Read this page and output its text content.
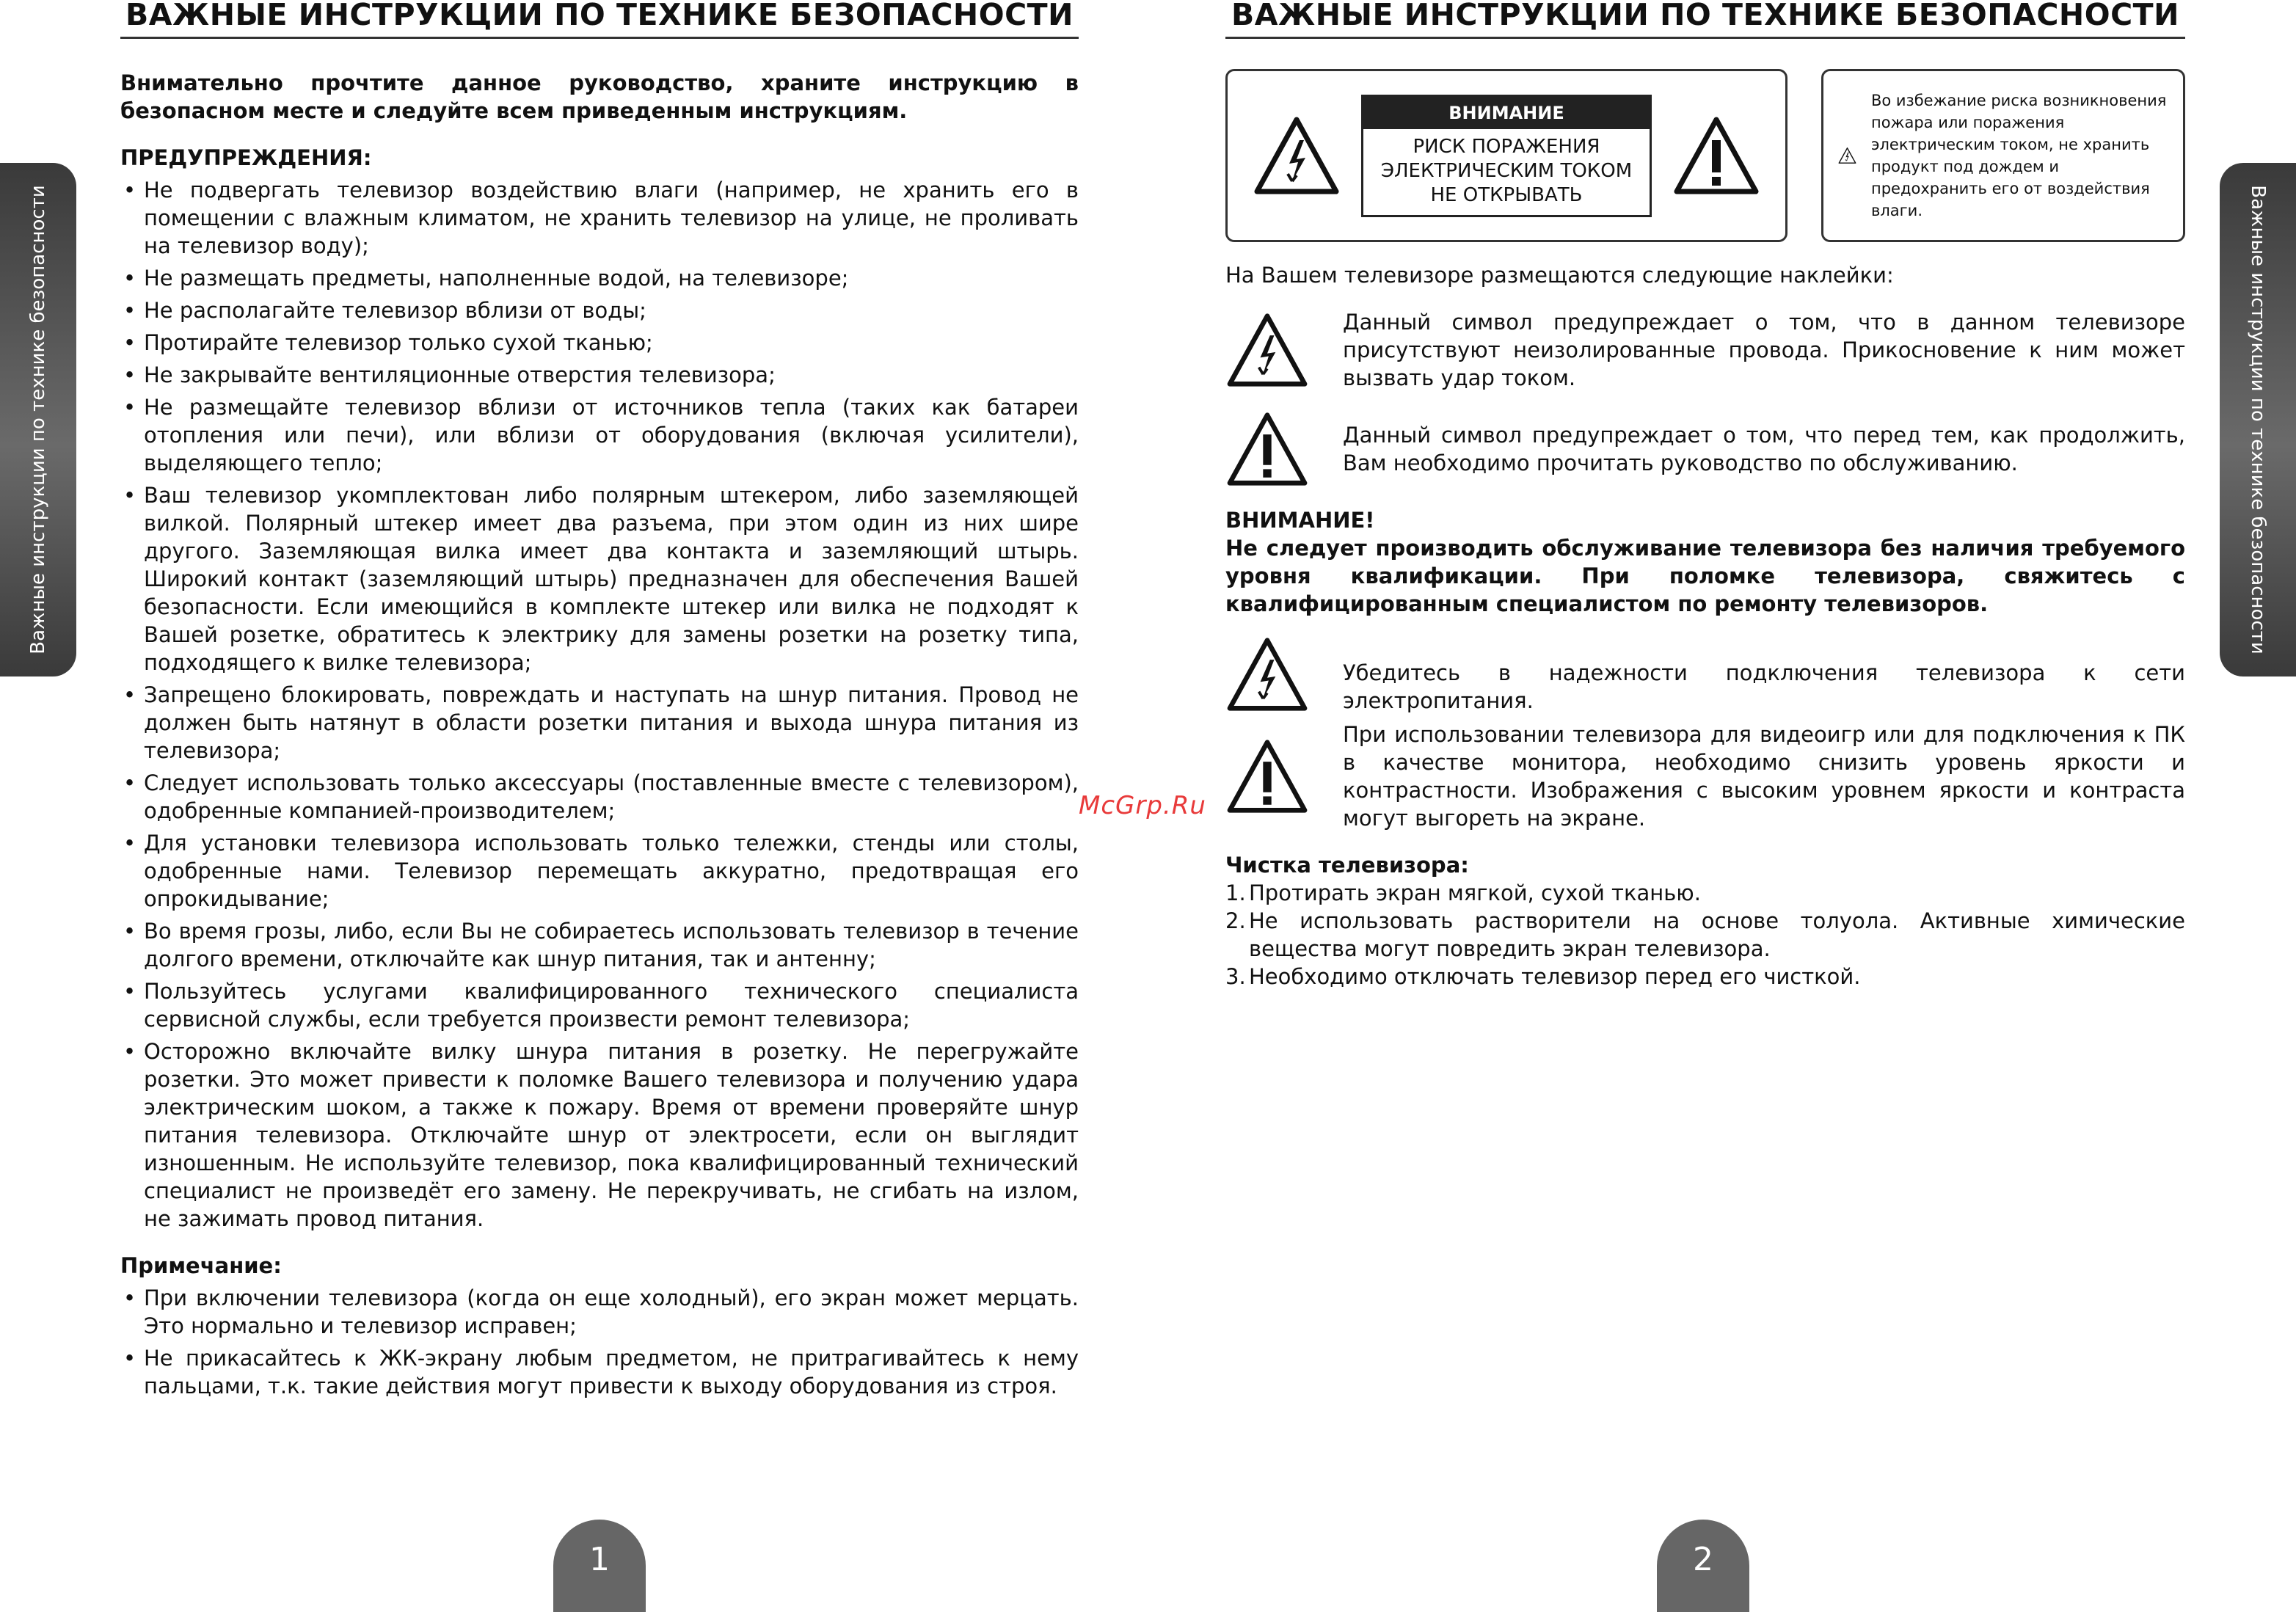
ВАЖНЫЕ ИНСТРУКЦИИ ПО ТЕХНИКЕ БЕЗОПАСНОСТИ
Важные инструкции по технике безопасности

Внимательно прочтите данное руководство, храните инструкцию в безопасном месте и следуйте всем приведенным инструкциям.

ПРЕДУПРЕЖДЕНИЯ:

• Не подвергать телевизор воздействию влаги (например, не хранить его в помещении с влажным климатом, не хранить телевизор на улице, не проливать на телевизор воду);
• Не размещать предметы, наполненные водой, на телевизоре;
• Не располагайте телевизор вблизи от воды;
• Протирайте телевизор только сухой тканью;
• Не закрывайте вентиляционные отверстия телевизора;
• Не размещайте телевизор вблизи от источников тепла (таких как батареи отопления или печи), или вблизи от оборудования (включая усилители), выделяющего тепло;
• Ваш телевизор укомплектован либо полярным штекером, либо заземляющей вилкой. Полярный штекер имеет два разъема, при этом один из них шире другого. Заземляющая вилка имеет два контакта и заземляющий штырь. Широкий контакт (заземляющий штырь) предназначен для обеспечения Вашей безопасности. Если имеющийся в комплекте штекер или вилка не подходят к Вашей розетке, обратитесь к электрику для замены розетки на розетку типа, подходящего к вилке телевизора;
• Запрещено блокировать, повреждать и наступать на шнур питания. Провод не должен быть натянут в области розетки питания и выхода шнура питания из телевизора;
• Следует использовать только аксессуары (поставленные вместе с телевизором), одобренные компанией-производителем;
• Для установки телевизора использовать только тележки, стенды или столы, одобренные нами. Телевизор перемещать аккуратно, предотвращая его опрокидывание;
• Во время грозы, либо, если Вы не собираетесь использовать телевизор в течение долгого времени, отключайте как шнур питания, так и антенну;
• Пользуйтесь услугами квалифицированного технического специалиста сервисной службы, если требуется произвести ремонт телевизора;
• Осторожно включайте вилку шнура питания в розетку. Не перегружайте розетки. Это может привести к поломке Вашего телевизора и получению удара электрическим шоком, а также к пожару. Время от времени проверяйте шнур питания телевизора. Отключайте шнур от электросети, если он выглядит изношенным. Не используйте телевизор, пока квалифицированный технический специалист не произведёт его замену. Не перекручивать, не сгибать на излом, не зажимать провод питания.

Примечание:

• При включении телевизора (когда он еще холодный), его экран может мерцать. Это нормально и телевизор исправен;
• Не прикасайтесь к ЖК-экрану любым предметом, не притрагивайтесь к нему пальцами, т.к. такие действия могут привести к выходу оборудования из строя.
1
ВАЖНЫЕ ИНСТРУКЦИИ ПО ТЕХНИКЕ БЕЗОПАСНОСТИ
Важные инструкции по технике безопасности
ВНИМАНИЕ
РИСК ПОРАЖЕНИЯ
ЭЛЕКТРИЧЕСКИМ ТОКОМ
НЕ ОТКРЫВАТЬ
Во избежание риска возникновения пожара или поражения электрическим током, не хранить продукт под дождем и предохранить его от воздействия влаги.

На Вашем телевизоре размещаются следующие наклейки:

Данный символ предупреждает о том, что в данном телевизоре присутствуют неизолированные провода. Прикосновение к ним может вызвать удар током.

Данный символ предупреждает о том, что перед тем, как продолжить, Вам необходимо прочитать руководство по обслуживанию.

ВНИМАНИЕ!

Не следует производить обслуживание телевизора без наличия требуемого уровня квалификации. При поломке телевизора, свяжитесь с квалифицированным специалистом по ремонту телевизоров.

Убедитесь в надежности подключения телевизора к сети электропитания.

При использовании телевизора для видеоигр или для подключения к ПК в качестве монитора, необходимо снизить уровень яркости и контрастности. Изображения с высоким уровнем яркости и контраста могут выгореть на экране.

Чистка телевизора:

1. Протирать экран мягкой, сухой тканью.
2. Не использовать растворители на основе толуола. Активные химические вещества могут повредить экран телевизора.
3. Необходимо отключать телевизор перед его чисткой.
2
McGrp.Ru
